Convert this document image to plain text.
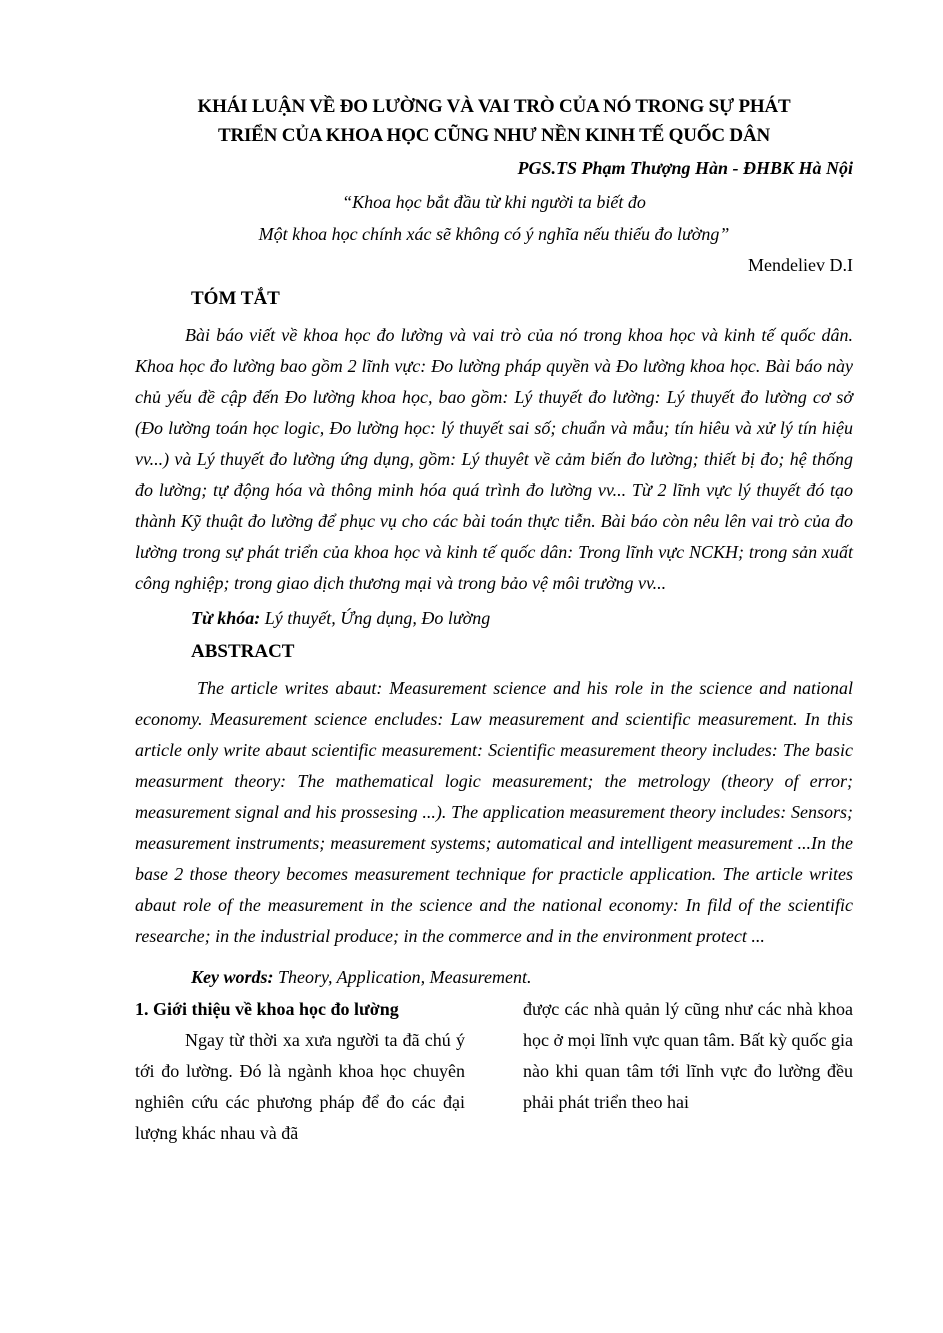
KHÁI LUẬN VỀ ĐO LƯỜNG VÀ VAI TRÒ CỦA NÓ TRONG SỰ PHÁT
TRIỂN CỦA KHOA HỌC CŨNG NHƯ NỀN KINH TẾ QUỐC DÂN
PGS.TS Phạm Thượng Hàn - ĐHBK Hà Nội
“Khoa học bắt đầu từ khi người ta biết đo
Một khoa học chính xác sẽ không có ý nghĩa nếu thiếu đo lường”
Mendeliev D.I
TÓM TẮT

Bài báo viết về khoa học đo lường và vai trò của nó trong khoa học và kinh tế quốc dân. Khoa học đo lường bao gồm 2 lĩnh vực: Đo lường pháp quyền và Đo lường khoa học. Bài báo này chủ yếu đề cập đến Đo lường khoa học, bao gồm: Lý thuyết đo lường: Lý thuyết đo lường cơ sở (Đo lường toán học logic, Đo lường học: lý thuyết sai số; chuẩn và mẫu; tín hiêu và xử lý tín hiệu vv...) và Lý thuyết đo lường ứng dụng, gồm: Lý thuyêt về cảm biến đo lường; thiết bị đo; hệ thống đo lường; tự động hóa và thông minh hóa quá trình đo lường vv... Từ 2 lĩnh vực lý thuyết đó tạo thành Kỹ thuật đo lường để phục vụ cho các bài toán thực tiễn. Bài báo còn nêu lên vai trò của đo lường trong sự phát triển của khoa học và kinh tế quốc dân: Trong lĩnh vực NCKH; trong sản xuất công nghiệp; trong giao dịch thương mại và trong bảo vệ môi trường vv...

Từ khóa: Lý thuyết, Ứng dụng, Đo lường
ABSTRACT

The article writes abaut: Measurement science and his role in the science and national economy. Measurement science encludes: Law measurement and scientific measurement. In this article only write abaut scientific measurement: Scientific measurement theory includes: The basic measurment theory: The mathematical logic measurement; the metrology (theory of error; measurement signal and his prossesing ...). The application measurement theory includes: Sensors; measurement instruments; measurement systems; automatical and intelligent measurement ...In the base 2 those theory becomes measurement technique for practicle application. The article writes abaut role of the measurement in the science and the national economy: In fild of the scientific researche; in the industrial produce; in the commerce and in the environment protect ...

Key words: Theory, Application, Measurement.
1. Giới thiệu về khoa học đo lường
Ngay từ thời xa xưa người ta đã chú ý tới đo lường. Đó là ngành khoa học chuyên nghiên cứu các phương pháp để đo các đại lượng khác nhau và đã
được các nhà quản lý cũng như các nhà khoa học ở mọi lĩnh vực quan tâm. Bất kỳ quốc gia nào khi quan tâm tới lĩnh vực đo lường đều phải phát triển theo hai
